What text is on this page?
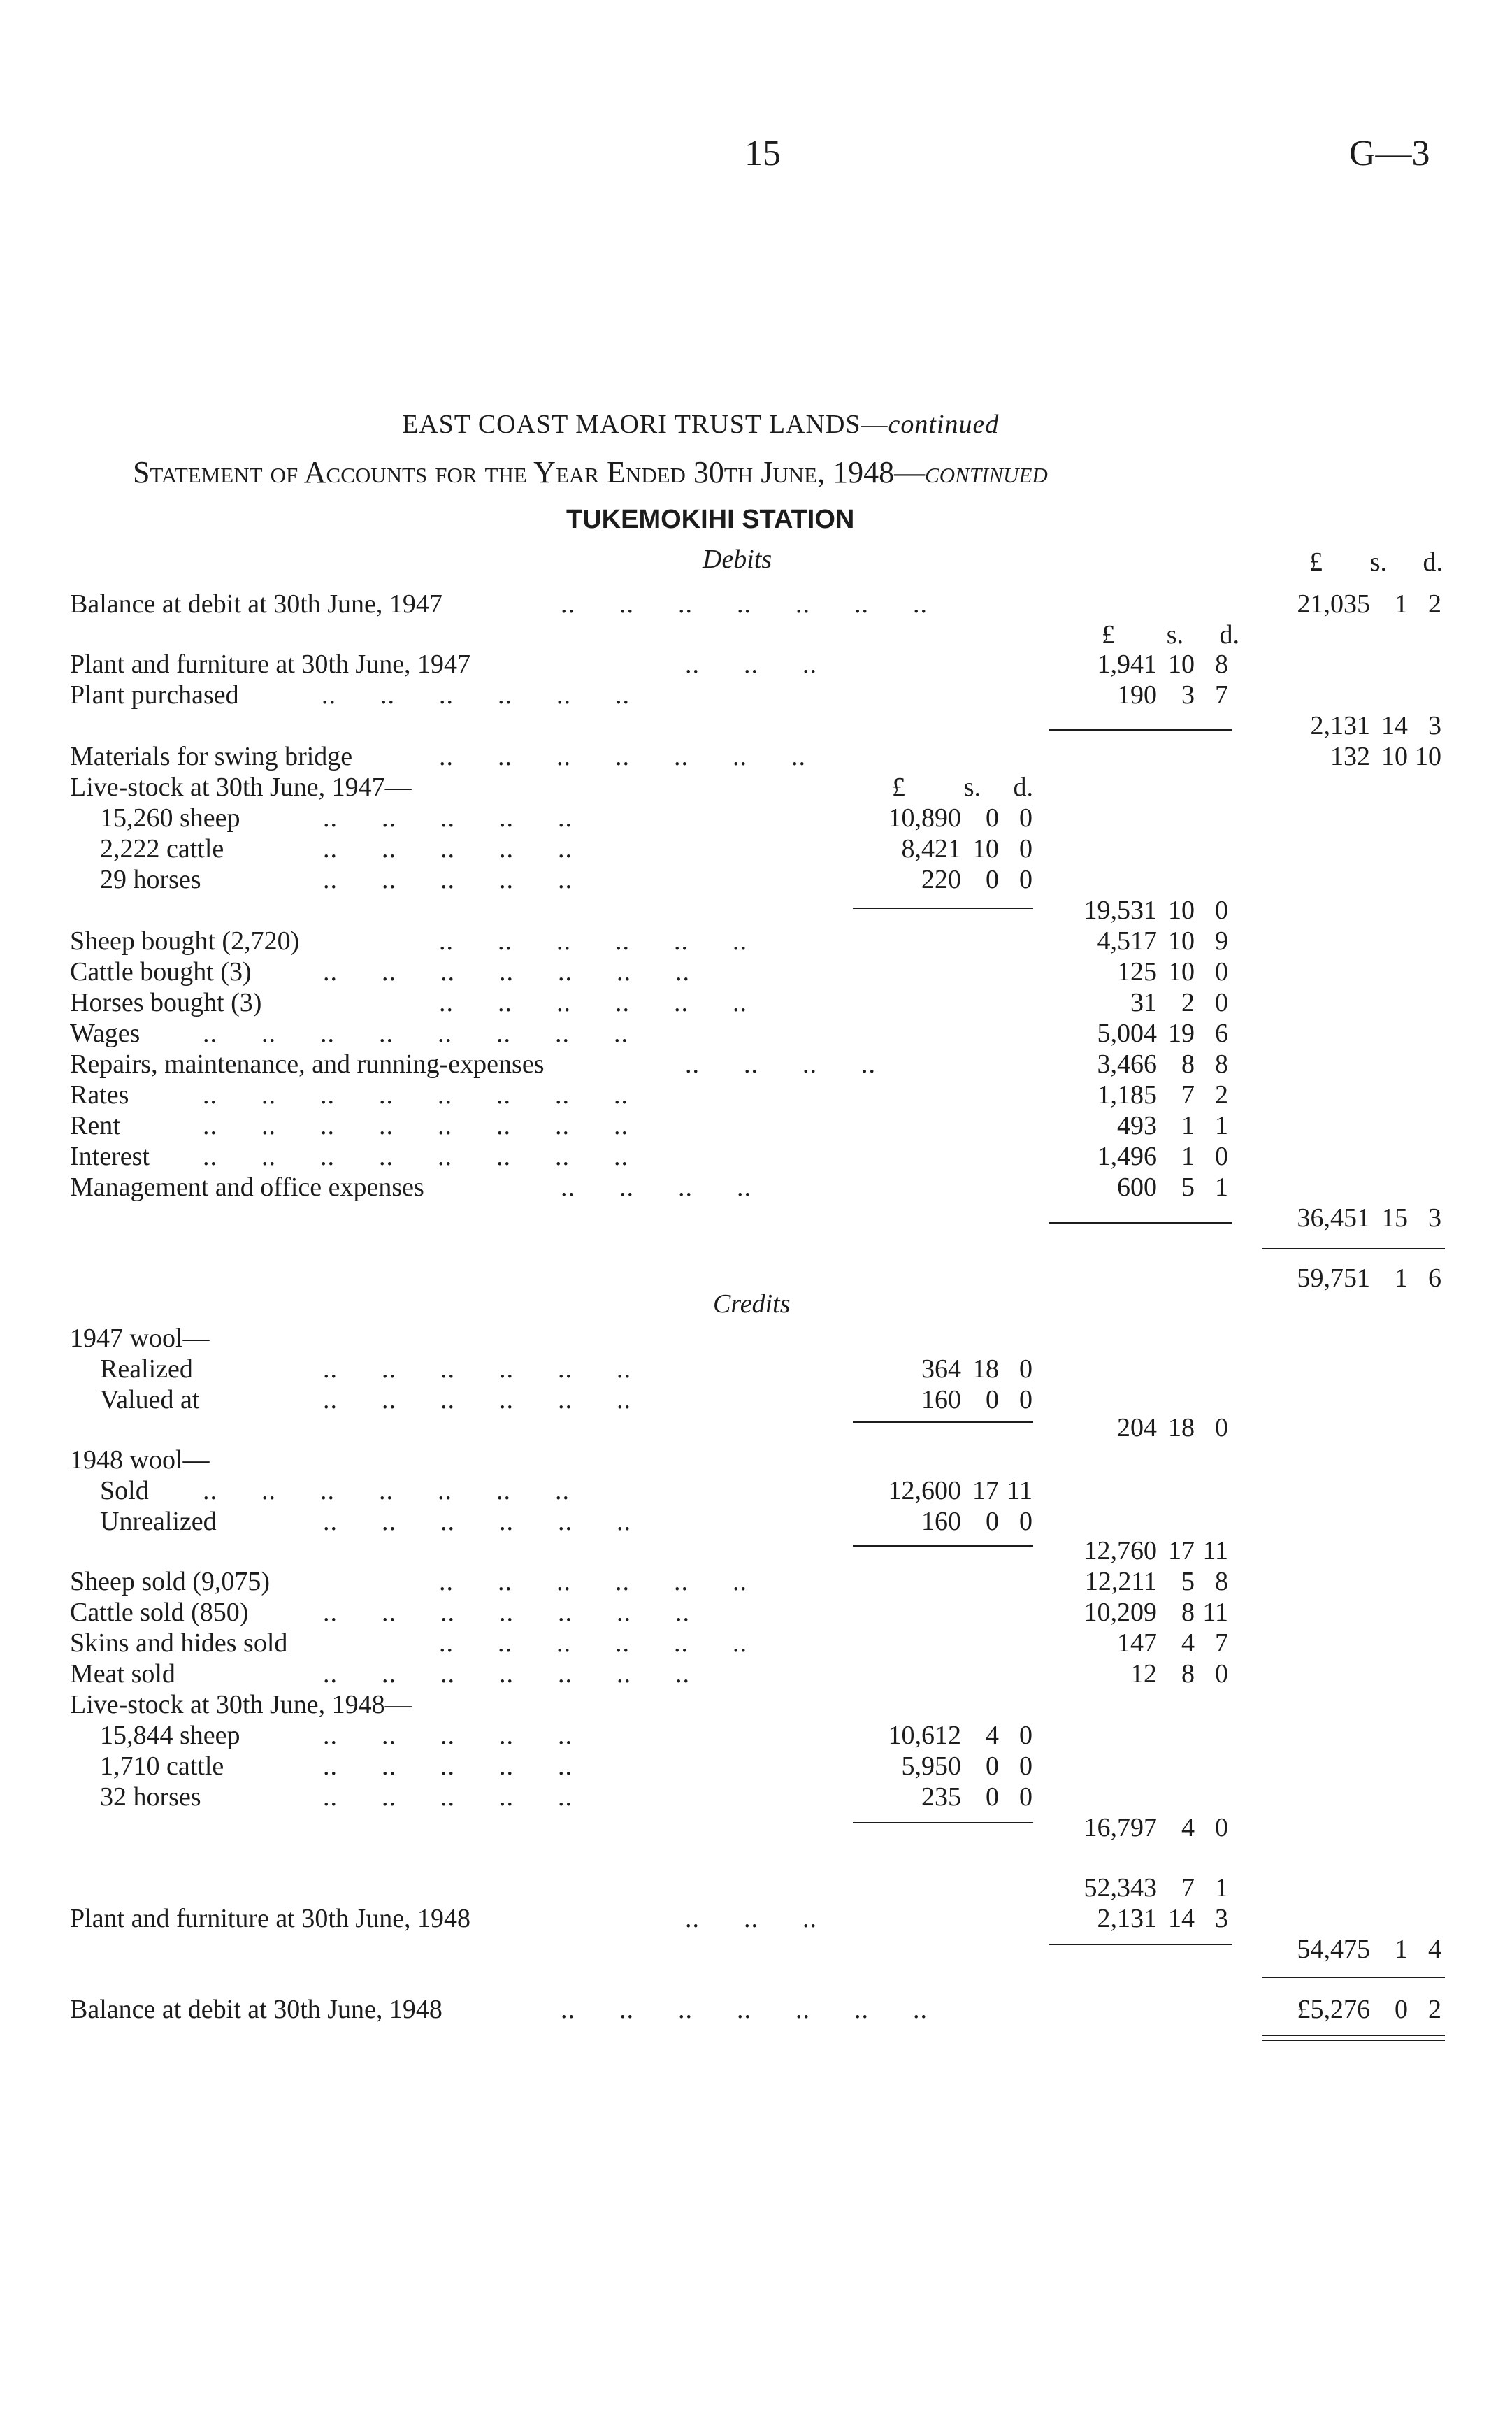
15	G—3
EAST COAST MAORI TRUST LANDS—continued
Statement of Accounts for the Year Ended 30th June, 1948—continued
TUKEMOKIHI STATION
Debits	£	s.	d.
Balance at debit at 30th June, 1947	..      ..      ..      ..      ..      ..      ..	21,035 1 2
£	s.	d.
Plant and furniture at 30th June, 1947	..      ..      ..	1,941 10 8
Plant purchased	..      ..      ..      ..      ..      ..	190 3 7
2,131 14 3
Materials for swing bridge	..      ..      ..      ..      ..      ..      ..	132 10 10
Live-stock at 30th June, 1947—	£	s.	d.
15,260 sheep	..      ..      ..      ..      ..	10,890 0 0
2,222 cattle	..      ..      ..      ..      ..	8,421 10 0
29 horses	..      ..      ..      ..      ..	220 0 0
19,531 10 0
Sheep bought (2,720)	..      ..      ..      ..      ..      ..	4,517 10 9
Cattle bought (3)	..      ..      ..      ..      ..      ..      ..	125 10 0
Horses bought (3)	..      ..      ..      ..      ..      ..	31 2 0
Wages ..      ..      ..      ..      ..      ..      ..      ..	5,004 19 6
Repairs, maintenance, and running-expenses	..      ..      ..      ..	3,466 8 8
Rates	..      ..      ..      ..      ..      ..      ..      ..	1,185 7 2
Rent	..      ..      ..      ..      ..      ..      ..      ..	493 1 1
Interest ..      ..      ..      ..      ..      ..      ..      ..	1,496 1 0
Management and office expenses	..      ..      ..      ..	600 5 1
36,451 15 3
59,751 1 6
Credits
1947 wool—
Realized	..      ..      ..      ..      ..      ..	364 18 0
Valued at	..      ..      ..      ..      ..      ..	160 0 0
204 18 0
1948 wool—
Sold ..      ..      ..      ..      ..      ..      ..	12,600 17 11
Unrealized	..      ..      ..      ..      ..      ..	160 0 0
12,760 17 11
Sheep sold (9,075)	..      ..      ..      ..      ..      ..	12,211 5 8
Cattle sold (850)	..      ..      ..      ..      ..      ..      ..	10,209 8 11
Skins and hides sold	..      ..      ..      ..      ..      ..	147 4 7
Meat sold	..      ..      ..      ..      ..      ..      ..	12 8 0
Live-stock at 30th June, 1948—
15,844 sheep	..      ..      ..      ..      ..	10,612 4 0
1,710 cattle	..      ..      ..      ..      ..	5,950 0 0
32 horses	..      ..      ..      ..      ..	235 0 0
16,797 4 0
52,343 7 1
Plant and furniture at 30th June, 1948	..      ..      ..	2,131 14 3
54,475 1 4
Balance at debit at 30th June, 1948	..      ..      ..      ..      ..      ..      ..	£5,276 0 2
